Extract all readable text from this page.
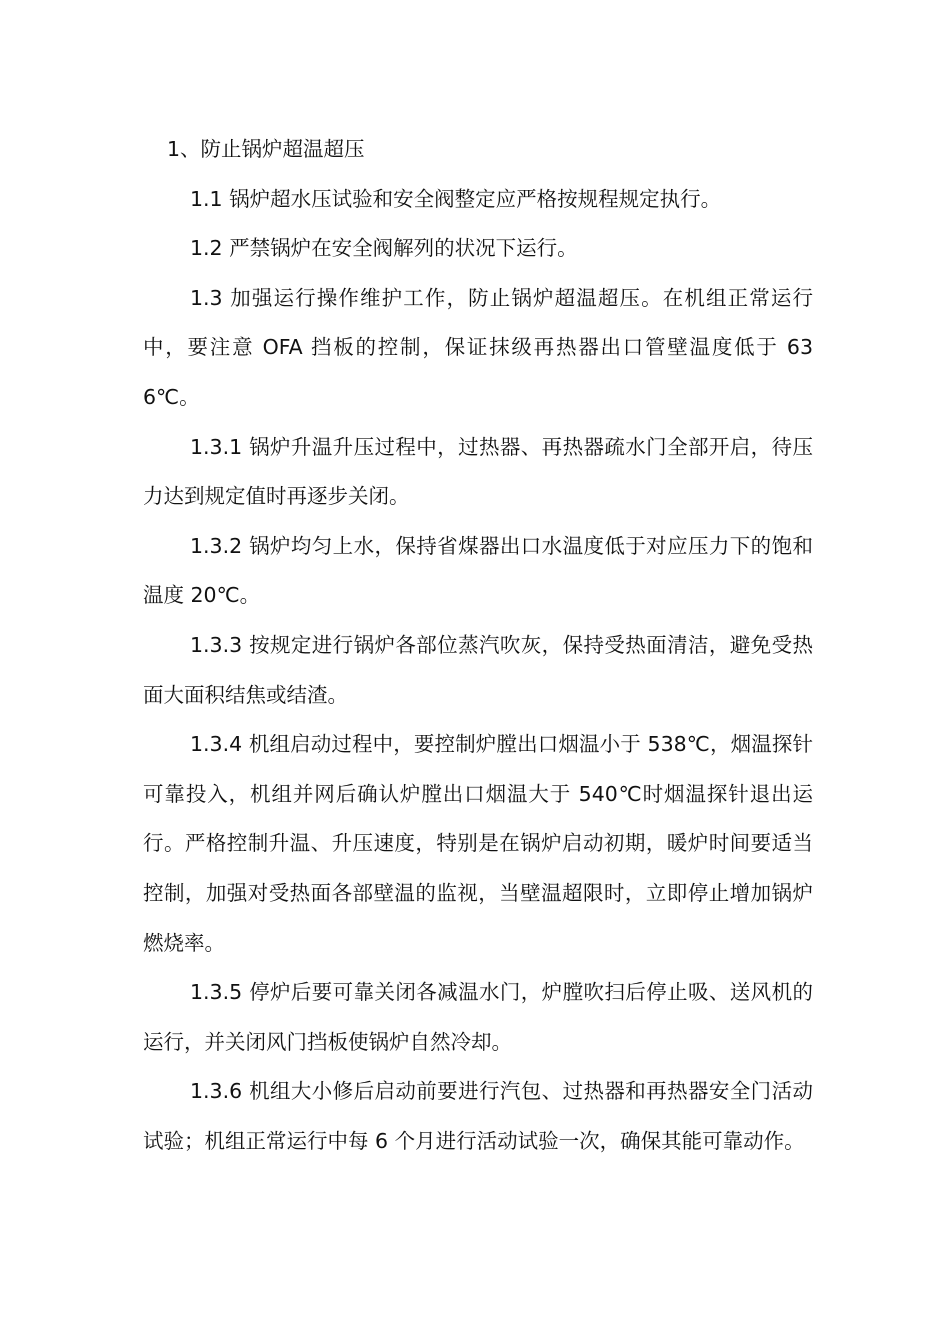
1、防止锅炉超温超压

1.1 锅炉超水压试验和安全阀整定应严格按规程规定执行。

1.2 严禁锅炉在安全阀解列的状况下运行。

1.3 加强运行操作维护工作，防止锅炉超温超压。在机组正常运行中，要注意 OFA 挡板的控制，保证抹级再热器出口管壁温度低于 636℃。

1.3.1 锅炉升温升压过程中，过热器、再热器疏水门全部开启，待压力达到规定值时再逐步关闭。

1.3.2 锅炉均匀上水，保持省煤器出口水温度低于对应压力下的饱和温度 20℃。

1.3.3 按规定进行锅炉各部位蒸汽吹灰，保持受热面清洁，避免受热面大面积结焦或结渣。

1.3.4 机组启动过程中，要控制炉膛出口烟温小于 538℃，烟温探针可靠投入，机组并网后确认炉膛出口烟温大于 540℃时烟温探针退出运行。严格控制升温、升压速度，特别是在锅炉启动初期，暖炉时间要适当控制，加强对受热面各部壁温的监视，当壁温超限时，立即停止增加锅炉燃烧率。

1.3.5 停炉后要可靠关闭各减温水门，炉膛吹扫后停止吸、送风机的运行，并关闭风门挡板使锅炉自然冷却。

1.3.6 机组大小修后启动前要进行汽包、过热器和再热器安全门活动试验；机组正常运行中每 6 个月进行活动试验一次，确保其能可靠动作。
